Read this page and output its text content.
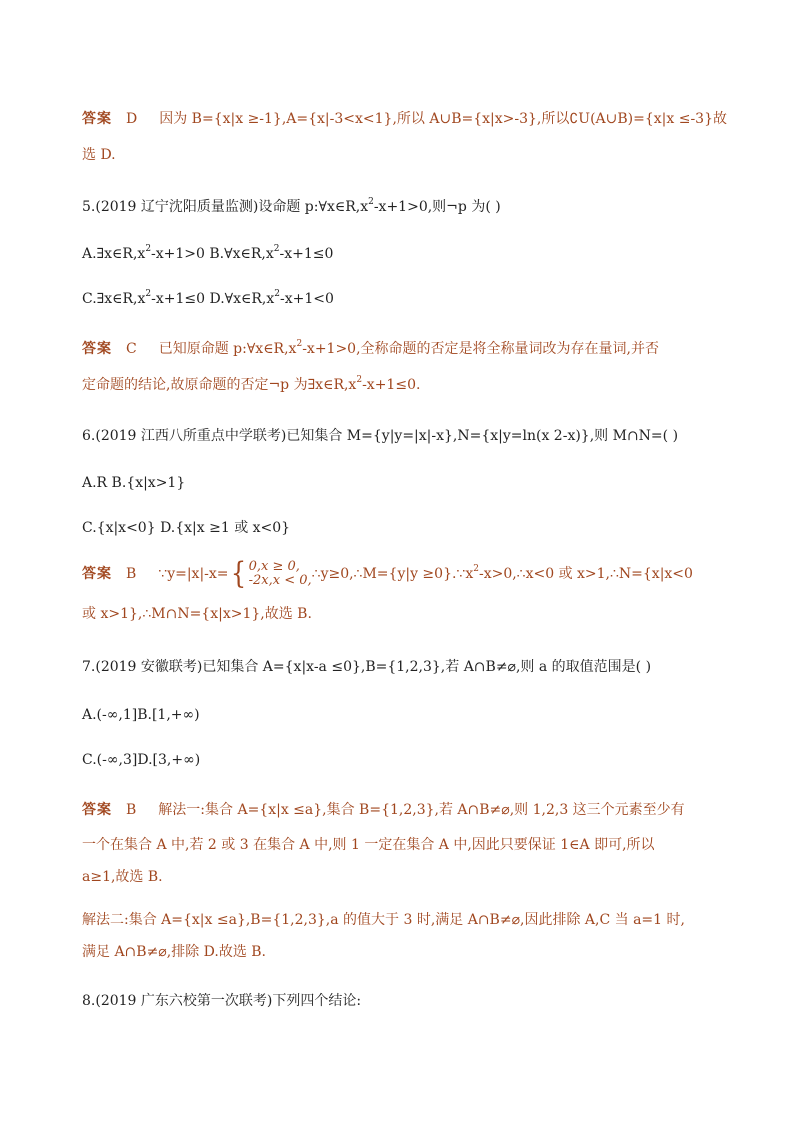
答案 D 因为 B={x|x ≥-1},A={x|-3<x<1},所以 A∪B={x|x>-3},所以∁U(A∪B)={x|x ≤-3}故
选 D.
5.(2019 辽宁沈阳质量监测)设命题 $p:\forall x\in R,x^2-x+1>0$,则¬p 为( )
$A.\exists x\in R,x^2-x+1>0$ $B.\forall x\in R,x^2-x+1\le 0$
$C.\exists x\in R,x^2-x+1\le 0$ $D.\forall x\in R,x^2-x+1<0$
答案 C 已知原命题 $p:\forall x\in R,x^2-x+1>0$,全称命题的否定是将全称量词改为存在量词,并否
定命题的结论,故原命题的否定¬p 为$\exists x\in R,x^2-x+1\le 0$.
6.(2019 江西八所重点中学联考)已知集合 M={y|y=|x|-x},N={x|y=ln(x 2-x)},则 M∩N=( )
A.R B.{x|x>1}
C.{x|x<0} D.{x|x ≥1 或 x<0}
答案 B ∵y=|x|-x={ 0,x ≥ 0,
-2x,x < 0, ∴y≥0,∴M={y|y $\ge 0\}.\because x^2-x>0,\therefore x<0$ 或 x>1,∴N={x|x<0
或 x>1},∴M∩N={x|x>1},故选 B.
7.(2019 安徽联考)已知集合 A={x|x-a ≤0},B={1,2,3},若 A∩B≠⌀,则 a 的取值范围是( )
A.(-∞,1]B.[1,+∞)
C.(-∞,3]D.[3,+∞)
答案 B 解法一:集合 A={x|x ≤a},集合 B={1,2,3},若 A∩B≠⌀,则 1,2,3 这三个元素至少有
一个在集合 A 中,若 2 或 3 在集合 A 中,则 1 一定在集合 A 中,因此只要保证 1∈A 即可,所以
a≥1,故选 B.
解法二:集合 A={x|x ≤a},B={1,2,3},a 的值大于 3 时,满足 A∩B≠⌀,因此排除 A,C 当 a=1 时,
满足 A∩B≠⌀,排除 D.故选 B.
8.(2019 广东六校第一次联考)下列四个结论:
